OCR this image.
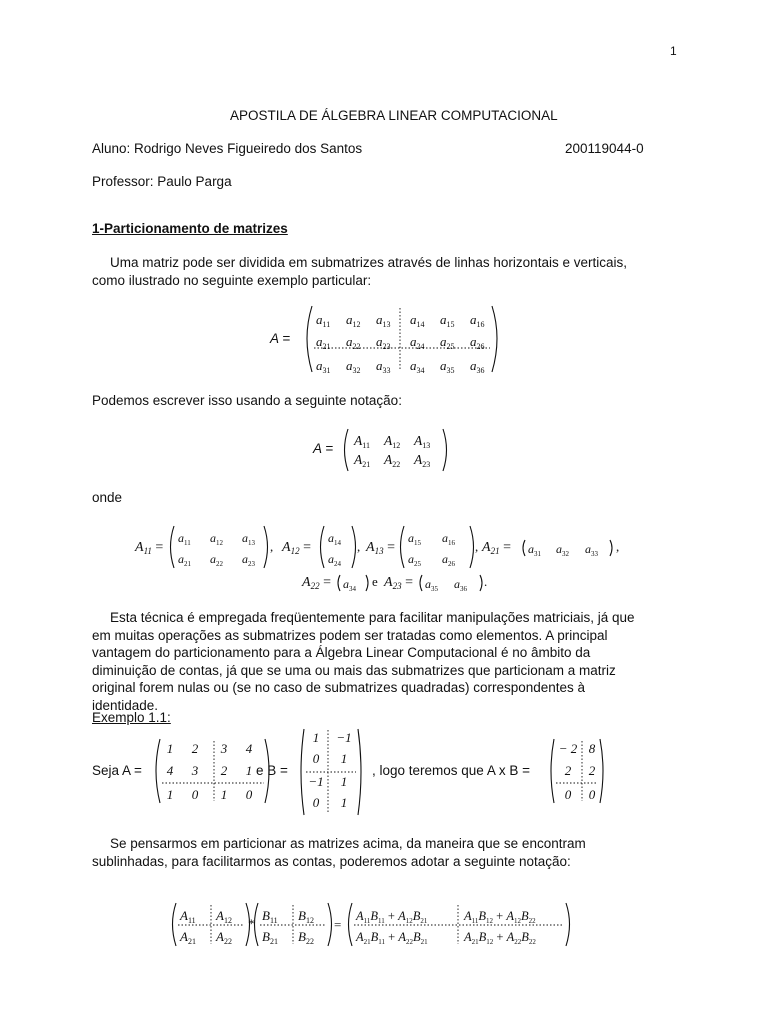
1
APOSTILA DE ÁLGEBRA LINEAR COMPUTACIONAL
Aluno: Rodrigo Neves Figueiredo dos Santos	200119044-0
Professor: Paulo Parga
1-Particionamento de matrizes
Uma matriz pode ser dividida em submatrizes através de linhas horizontais e verticais, como ilustrado no seguinte exemplo particular:
A =
$a_{11}$ $a_{12}$ $a_{13}$ $a_{14}$ $a_{15}$ $a_{16}$
$a_{21}$ $a_{22}$ $a_{23}$ $a_{24}$ $a_{25}$ $a_{26}$
$a_{31}$ $a_{32}$ $a_{33}$ $a_{34}$ $a_{35}$ $a_{36}$
Podemos escrever isso usando a seguinte notação:
A =
$A_{11}$ $A_{12}$ $A_{13}$
$A_{21}$ $A_{22}$ $A_{23}$
onde
$A_{11}$ =
$a_{11}$ $a_{12}$ $a_{13}$
$a_{21}$ $a_{22}$ $a_{23}$
, $A_{12}$ =
$a_{14}$
$a_{24}$
, $A_{13}$ =
$a_{15}$ $a_{16}$
$a_{25}$ $a_{26}$
, $A_{21} = a_{31}$ $a_{32}$ $a_{33}$ ,
$A_{22} = a_{34}$ e $A_{23} = a_{35}$ $a_{36}$ .
Esta técnica é empregada freqüentemente para facilitar manipulações matriciais, já que em muitas operações as submatrizes podem ser tratadas como elementos. A principal vantagem do particionamento para a Álgebra Linear Computacional é no âmbito da diminuição de contas, já que se uma ou mais das submatrizes que particionam a matriz original forem nulas ou (se no caso de submatrizes quadradas) correspondentes à identidade.
Exemplo 1.1:
Seja A =
1 2 3 4
4 3 2 1
1 0 1 0
e B =
1 −1
0 1
−1 1
0 1
, logo teremos que A x B =
− 2 8
2 2
0 0
Se pensarmos em particionar as matrizes acima, da maneira que se encontram sublinhadas, para facilitarmos as contas, poderemos adotar a seguinte notação:
$A_{11}$ $A_{12}$
$A_{21}$ $A_{22}$
*
$B_{11}$ $B_{12}$
$B_{21}$ $B_{22}$
=
$A_{11}B_{11} + A_{12}B_{21}$	$A_{11}B_{12} + A_{12}B_{22}$
$A_{21}B_{11} + A_{22}B_{21}$	$A_{21}B_{12} + A_{22}B_{22}$
